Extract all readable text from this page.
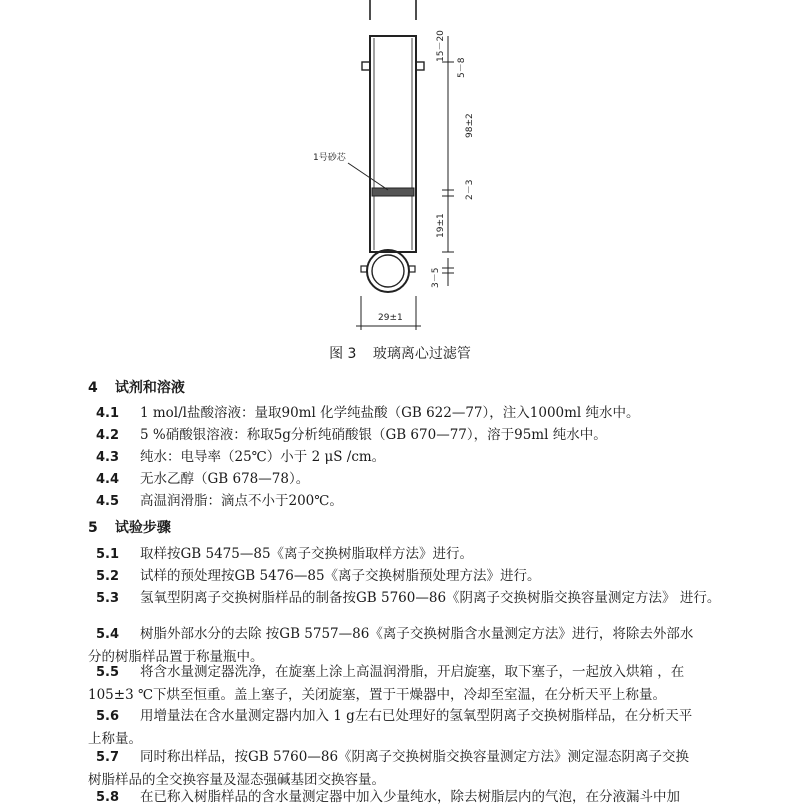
1号砂芯
15－20
5－8
98±2
2－3
19±1
3－5
29±1
图 3 玻璃离心过滤管
4 试剂和溶液
4.1	1 mol/l盐酸溶液：量取90ml 化学纯盐酸（GB 622—77），注入1000ml 纯水中。
4.2	5 %硝酸银溶液：称取5g分析纯硝酸银（GB 670—77），溶于95ml 纯水中。
4.3	纯水：电导率（25℃）小于 2 μS /cm。
4.4	无水乙醇（GB 678—78）。
4.5	高温润滑脂：滴点不小于200℃。
5 试验步骤
5.1	取样按GB 5475—85《离子交换树脂取样方法》进行。
5.2	试样的预处理按GB 5476—85《离子交换树脂预处理方法》进行。
5.3	氢氧型阴离子交换树脂样品的制备按GB 5760—86《阴离子交换树脂交换容量测定方法》 进行。
5.4	树脂外部水分的去除 按GB 5757—86《离子交换树脂含水量测定方法》进行，将除去外部水
分的树脂样品置于称量瓶中。
5.5	将含水量测定器洗净，在旋塞上涂上高温润滑脂，开启旋塞，取下塞子，一起放入烘箱 ，在
105±3 ℃下烘至恒重。盖上塞子，关闭旋塞，置于干燥器中，冷却至室温，在分析天平上称量。
5.6	用增量法在含水量测定器内加入 1 g左右已处理好的氢氧型阴离子交换树脂样品，在分析天平
上称量。
5.7	同时称出样品，按GB 5760—86《阴离子交换树脂交换容量测定方法》测定湿态阴离子交换
树脂样品的全交换容量及湿态强碱基团交换容量。
5.8	在已称入树脂样品的含水量测定器中加入少量纯水，除去树脂层内的气泡，在分液漏斗中加
